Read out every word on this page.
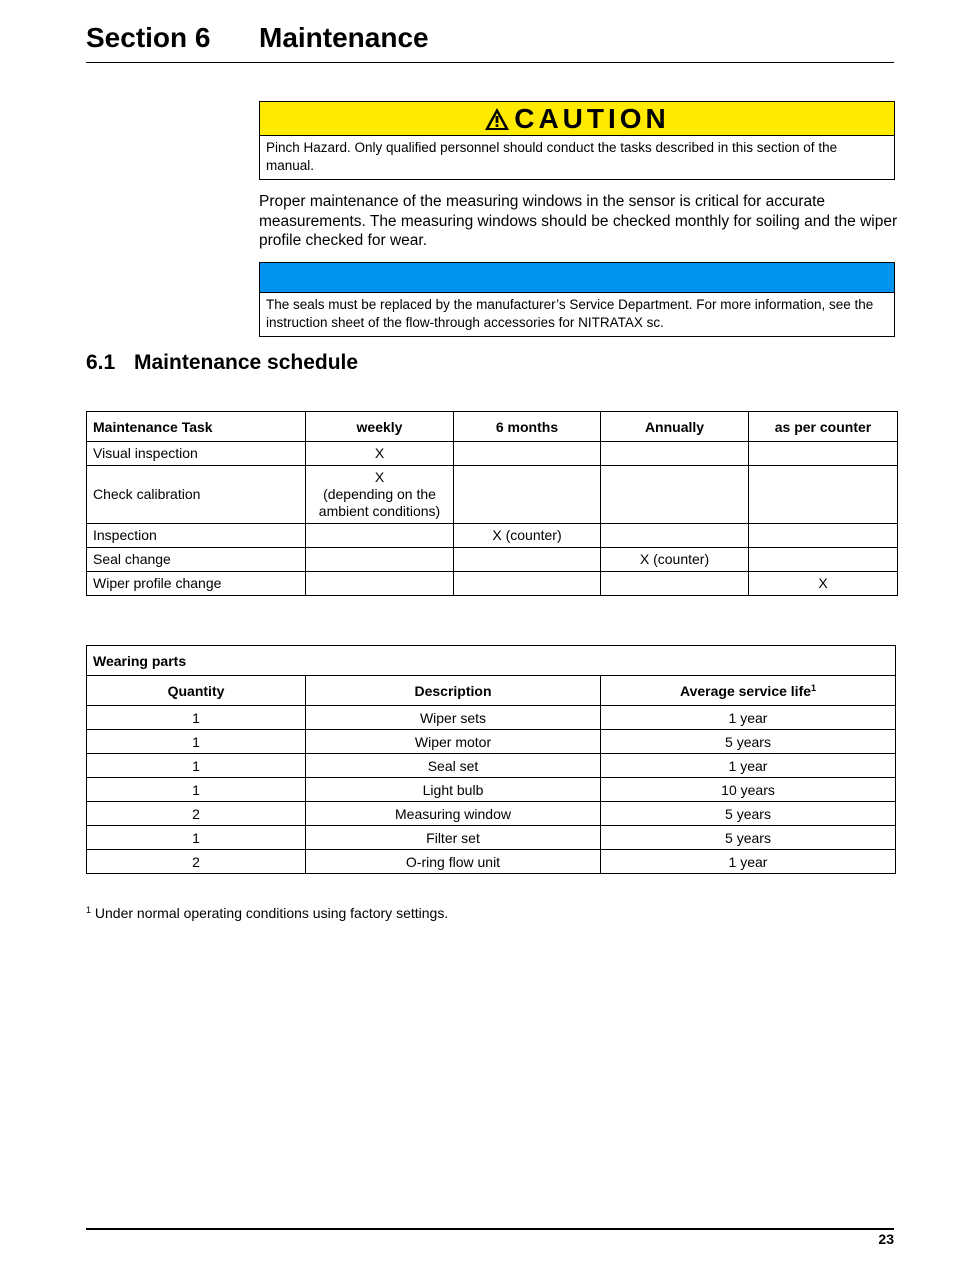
Section 6 Maintenance
CAUTION
Pinch Hazard. Only qualified personnel should conduct the tasks described in this section of the manual.
Proper maintenance of the measuring windows in the sensor is critical for accurate measurements. The measuring windows should be checked monthly for soiling and the wiper profile checked for wear.
The seals must be replaced by the manufacturer’s Service Department. For more information, see the instruction sheet of the flow-through accessories for NITRATAX sc.
6.1 Maintenance schedule
Maintenance Task	weekly	6 months	Annually	as per counter
Visual inspection	X			
Check calibration	X
(depending on the ambient conditions)			
Inspection		X (counter)		
Seal change			X (counter)	
Wiper profile change				X
Wearing parts		
Quantity	Description	Average service life$^1$
1	Wiper sets	1 year
1	Wiper motor	5 years
1	Seal set	1 year
1	Light bulb	10 years
2	Measuring window	5 years
1	Filter set	5 years
2	O-ring flow unit	1 year
$^1$ Under normal operating conditions using factory settings.
23
